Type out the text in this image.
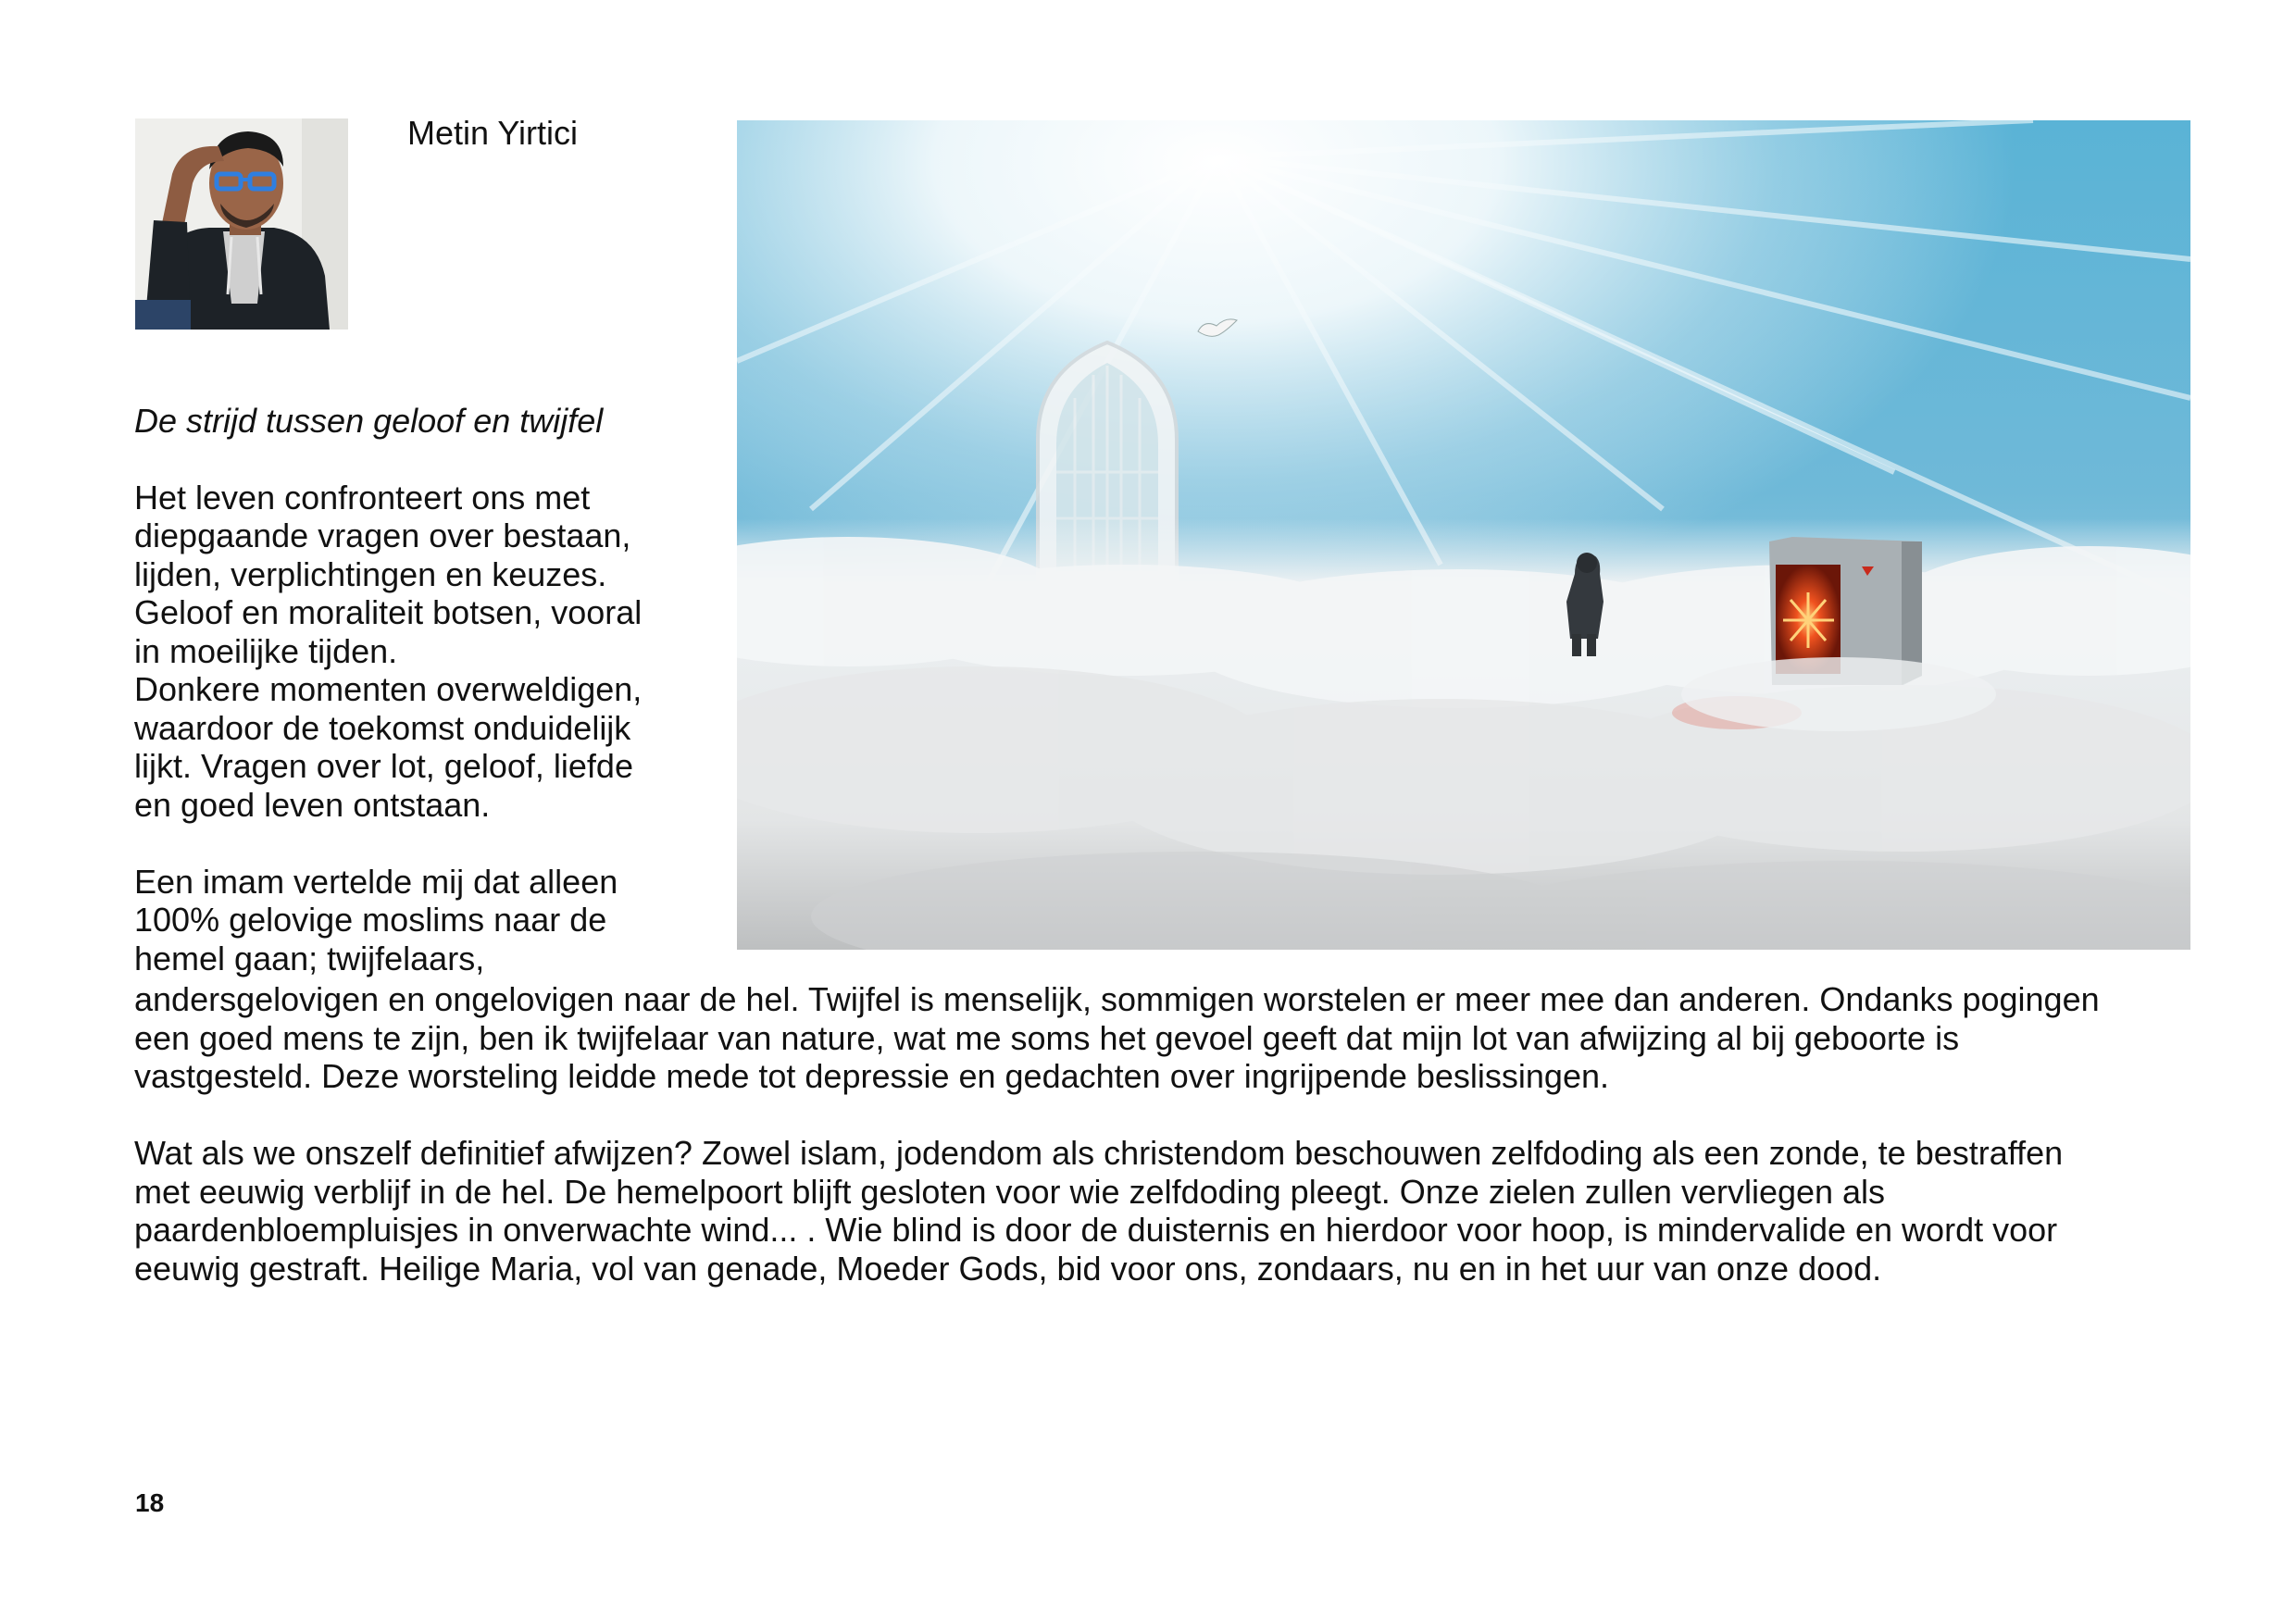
Metin Yirtici
De strijd tussen geloof en twijfel
Het leven confronteert ons met
diepgaande vragen over bestaan,
lijden, verplichtingen en keuzes.
Geloof en moraliteit botsen, vooral
in moeilijke tijden.
Donkere momenten overweldigen,
waardoor de toekomst onduidelijk
lijkt. Vragen over lot, geloof, liefde
en goed leven ontstaan.
Een imam vertelde mij dat alleen
100% gelovige moslims naar de
hemel gaan; twijfelaars,
andersgelovigen en ongelovigen naar de hel. Twijfel is menselijk, sommigen worstelen er meer mee dan anderen. Ondanks pogingen
een goed mens te zijn, ben ik twijfelaar van nature, wat me soms het gevoel geeft dat mijn lot van afwijzing al bij geboorte is
vastgesteld. Deze worsteling leidde mede tot depressie en gedachten over ingrijpende beslissingen.
Wat als we onszelf definitief afwijzen? Zowel islam, jodendom als christendom beschouwen zelfdoding als een zonde, te bestraffen
met eeuwig verblijf in de hel. De hemelpoort blijft gesloten voor wie zelfdoding pleegt. Onze zielen zullen vervliegen als
paardenbloempluisjes in onverwachte wind... . Wie blind is door de duisternis en hierdoor voor hoop, is mindervalide en wordt voor
eeuwig gestraft. Heilige Maria, vol van genade, Moeder Gods, bid voor ons, zondaars, nu en in het uur van onze dood.
18
